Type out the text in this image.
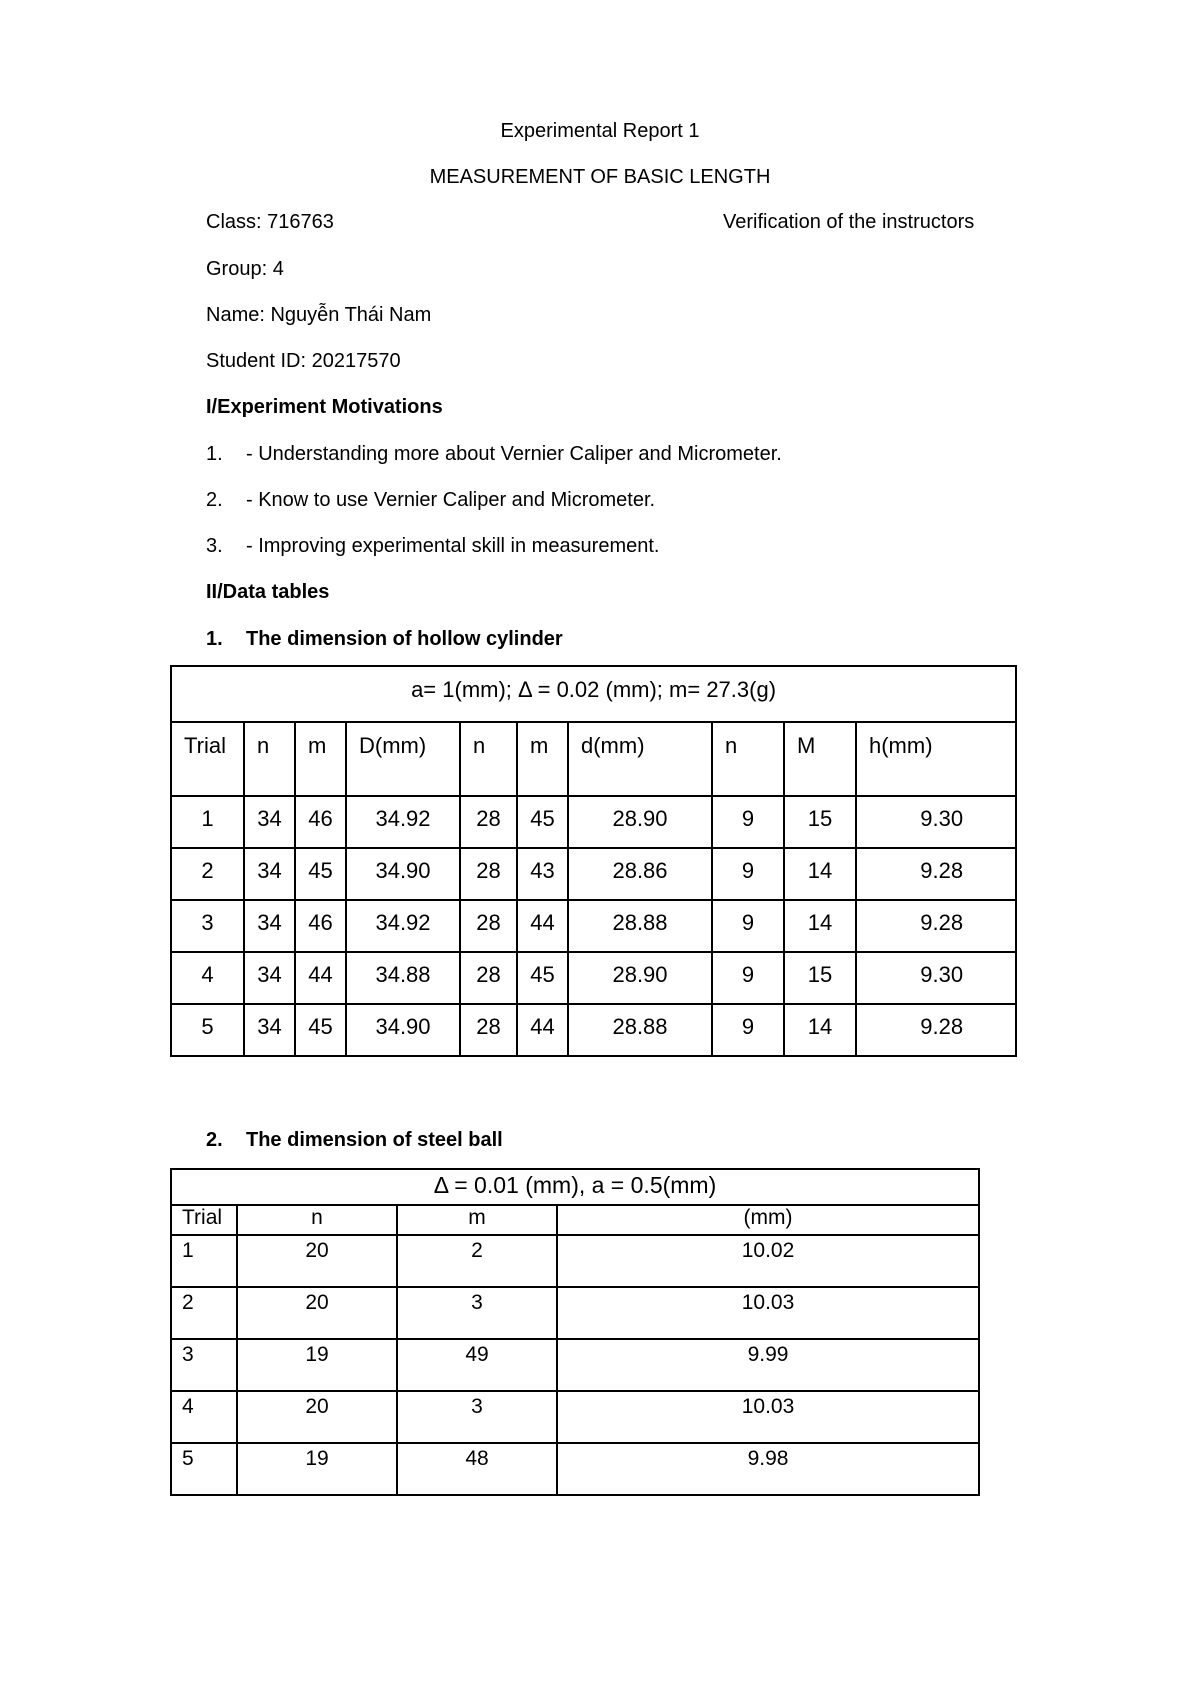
Experimental Report 1
MEASUREMENT OF BASIC LENGTH
Class: 716763	Verification of the instructors
Group: 4
Name: Nguyễn Thái Nam
Student ID: 20217570
I/Experiment Motivations
1. - Understanding more about Vernier Caliper and Micrometer.
2. - Know to use Vernier Caliper and Micrometer.
3. - Improving experimental skill in measurement.
II/Data tables
1. The dimension of hollow cylinder
a= 1(mm); Δ = 0.02 (mm); m= 27.3(g)									
Trial	n	m	D(mm)	n	m	d(mm)	n	M	h(mm)
1	34	46	34.92	28	45	28.90	9	15	9.30
2	34	45	34.90	28	43	28.86	9	14	9.28
3	34	46	34.92	28	44	28.88	9	14	9.28
4	34	44	34.88	28	45	28.90	9	15	9.30
5	34	45	34.90	28	44	28.88	9	14	9.28
2. The dimension of steel ball
Δ = 0.01 (mm), a = 0.5(mm)			
Trial	n	m	(mm)
1	20	2	10.02
2	20	3	10.03
3	19	49	9.99
4	20	3	10.03
5	19	48	9.98
